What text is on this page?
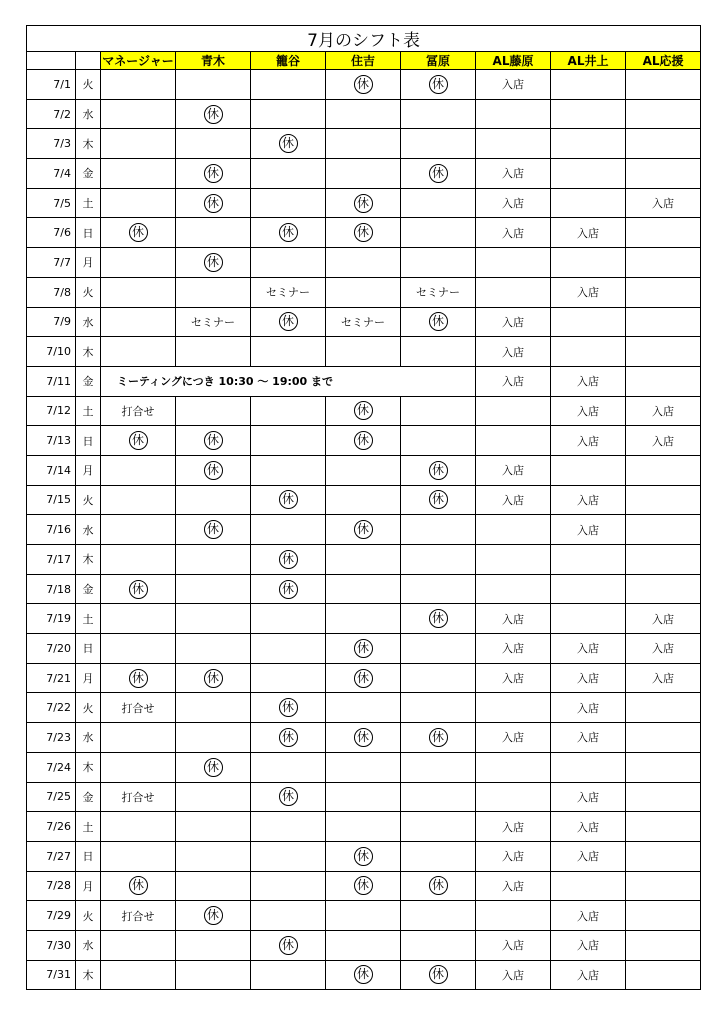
7月のシフト表									
		マネージャー	青木	籠谷	住吉	冨原	AL藤原	AL井上	AL応援
7/1	火				休	休	入店		
7/2	水		休						
7/3	木			休					
7/4	金		休			休	入店		
7/5	土		休		休		入店		入店
7/6	日	休		休	休		入店	入店	
7/7	月		休						
7/8	火			セミナー		セミナー		入店	
7/9	水		セミナー	休	セミナー	休	入店		
7/10	木						入店		
7/11	金	ミーティングにつき 10:30 〜 19:00 まで					入店	入店	
7/12	土	打合せ			休			入店	入店
7/13	日	休	休		休			入店	入店
7/14	月		休			休	入店		
7/15	火			休		休	入店	入店	
7/16	水		休		休			入店	
7/17	木			休					
7/18	金	休		休					
7/19	土					休	入店		入店
7/20	日				休		入店	入店	入店
7/21	月	休	休		休		入店	入店	入店
7/22	火	打合せ		休				入店	
7/23	水			休	休	休	入店	入店	
7/24	木		休						
7/25	金	打合せ		休				入店	
7/26	土						入店	入店	
7/27	日				休		入店	入店	
7/28	月	休			休	休	入店		
7/29	火	打合せ	休					入店	
7/30	水			休			入店	入店	
7/31	木				休	休	入店	入店	
